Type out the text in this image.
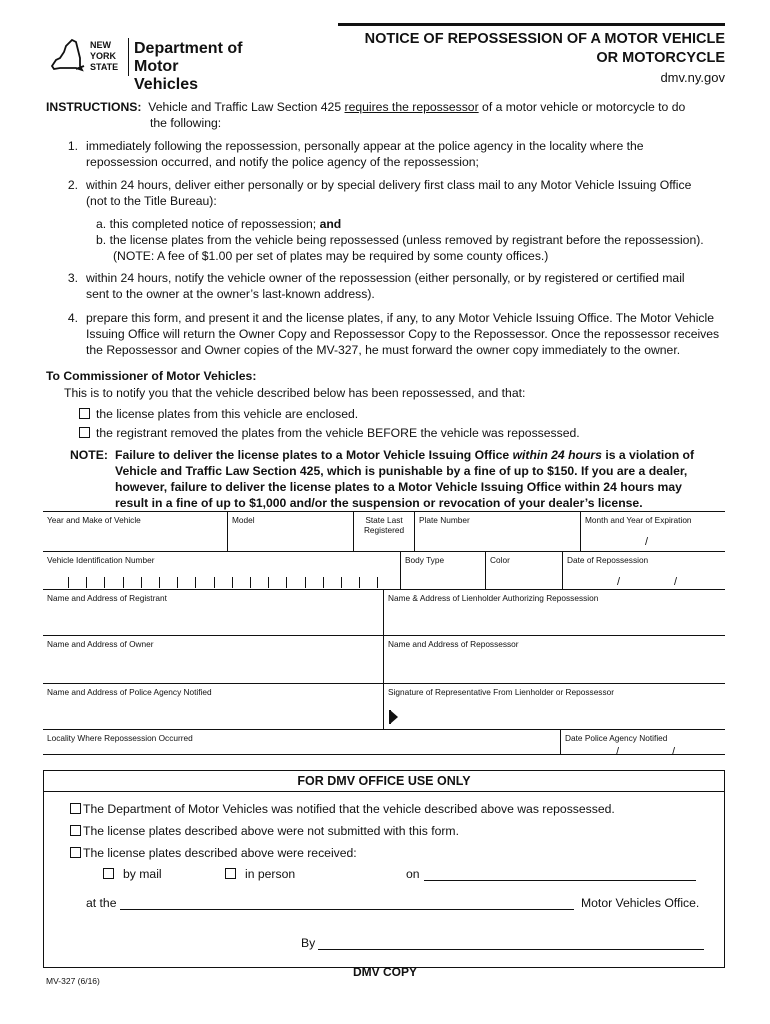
NOTICE OF REPOSSESSION OF A MOTOR VEHICLE
OR MOTORCYCLE
dmv.ny.gov
NEW
YORK
STATE
Department of
Motor Vehicles
INSTRUCTIONS: Vehicle and Traffic Law Section 425 requires the repossessor of a motor vehicle or motorcycle to do
the following:
1. immediately following the repossession, personally appear at the police agency in the locality where the
repossession occurred, and notify the police agency of the repossession;
2. within 24 hours, deliver either personally or by special delivery first class mail to any Motor Vehicle Issuing Office
(not to the Title Bureau):
a. this completed notice of repossession; and
b. the license plates from the vehicle being repossessed (unless removed by registrant before the repossession).
(NOTE: A fee of $1.00 per set of plates may be required by some county offices.)
3. within 24 hours, notify the vehicle owner of the repossession (either personally, or by registered or certified mail
sent to the owner at the owner’s last-known address).
4. prepare this form, and present it and the license plates, if any, to any Motor Vehicle Issuing Office. The Motor Vehicle
Issuing Office will return the Owner Copy and Repossessor Copy to the Repossessor. Once the repossessor receives
the Repossessor and Owner copies of the MV-327, he must forward the owner copy immediately to the owner.
To Commissioner of Motor Vehicles:
This is to notify you that the vehicle described below has been repossessed, and that:
the license plates from this vehicle are enclosed.
the registrant removed the plates from the vehicle BEFORE the vehicle was repossessed.
NOTE: Failure to deliver the license plates to a Motor Vehicle Issuing Office within 24 hours is a violation of
Vehicle and Traffic Law Section 425, which is punishable by a fine of up to $150. If you are a dealer,
however, failure to deliver the license plates to a Motor Vehicle Issuing Office within 24 hours may
result in a fine of up to $1,000 and/or the suspension or revocation of your dealer’s license.
Year and Make of Vehicle	Model	State Last
Registered
Plate Number	Month and Year of Expiration
/
Vehicle Identification Number	Body Type	Color	Date of Repossession
/	/
Name and Address of Registrant	Name & Address of Lienholder Authorizing Repossession
Name and Address of Owner	Name and Address of Repossessor
Name and Address of Police Agency Notified	Signature of Representative From Lienholder or Repossessor
Locality Where Repossession Occurred	Date Police Agency Notified
/	/
FOR DMV OFFICE USE ONLY
The Department of Motor Vehicles was notified that the vehicle described above was repossessed.
The license plates described above were not submitted with this form.
The license plates described above were received:
by mail	in person	on
at the	Motor Vehicles Office.
By
MV-327 (6/16)
DMV COPY
